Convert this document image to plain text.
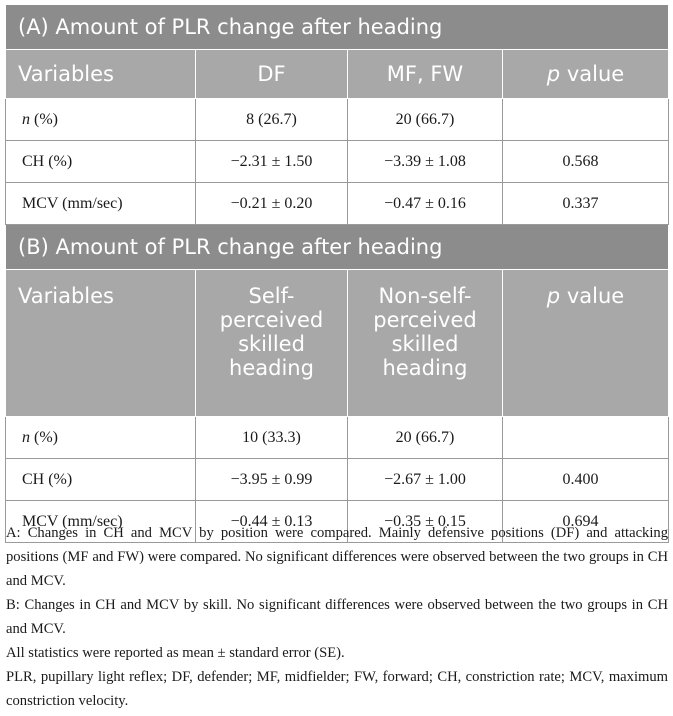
(A) Amount of PLR change after heading			
Variables	DF	MF, FW	p value
n (%)	8 (26.7)	20 (66.7)	
CH (%)	−2.31 ± 1.50	−3.39 ± 1.08	0.568
MCV (mm/sec)	−0.21 ± 0.20	−0.47 ± 0.16	0.337
(B) Amount of PLR change after heading			
Variables	Self-
perceived
skilled
heading	Non-self-
perceived
skilled
heading	p value
n (%)	10 (33.3)	20 (66.7)	
CH (%)	−3.95 ± 0.99	−2.67 ± 1.00	0.400
MCV (mm/sec)	−0.44 ± 0.13	−0.35 ± 0.15	0.694

A: Changes in CH and MCV by position were compared. Mainly defensive positions (DF) and attacking positions (MF and FW) were compared. No significant differences were observed between the two groups in CH and MCV.

B: Changes in CH and MCV by skill. No significant differences were observed between the two groups in CH and MCV.

All statistics were reported as mean ± standard error (SE).

PLR, pupillary light reflex; DF, defender; MF, midfielder; FW, forward; CH, constriction rate; MCV, maximum constriction velocity.
